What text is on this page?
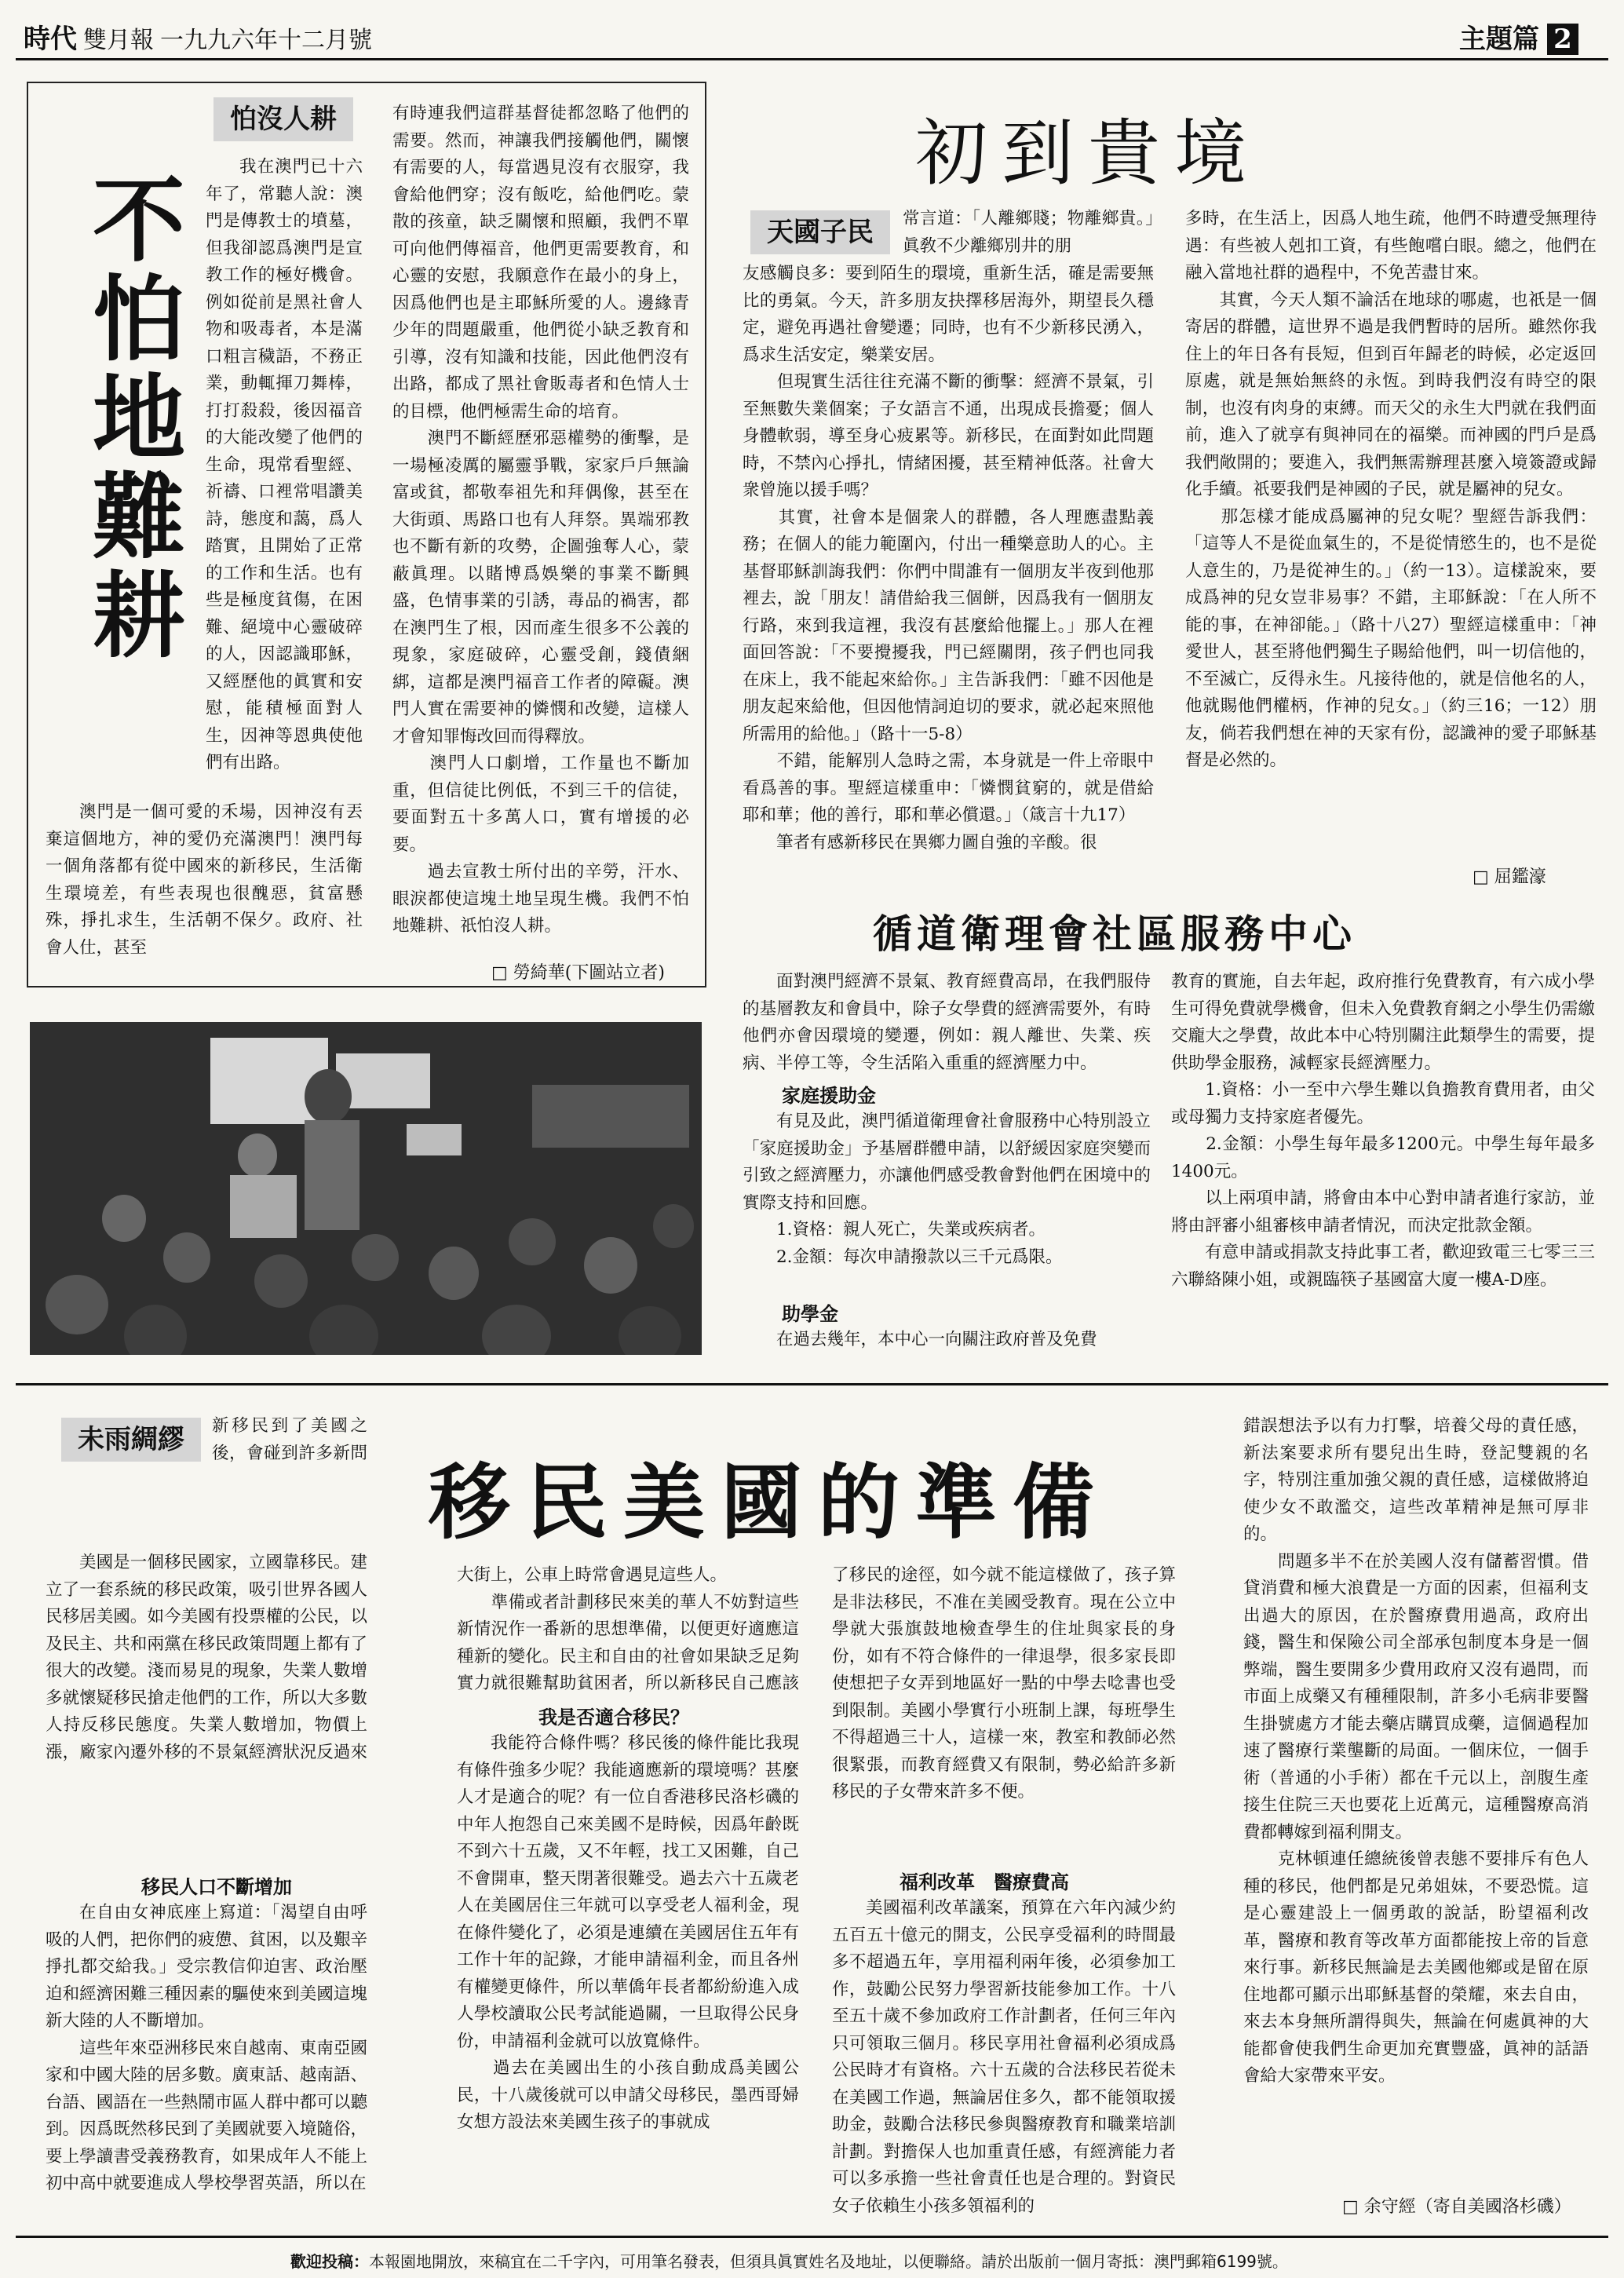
時代 雙月報 一九九六年十二月號	主題篇 2
怕沒人耕
不怕地難耕

我在澳門已十六年了，常聽人說：澳門是傳教士的墳墓，但我卻認爲澳門是宣教工作的極好機會。例如從前是黑社會人物和吸毒者，本是滿口粗言穢語，不務正業，動輒揮刀舞棒，打打殺殺，後因福音的大能改變了他們的生命，現常看聖經、祈禱、口裡常唱讚美詩，態度和藹，爲人踏實，且開始了正常的工作和生活。也有些是極度貧傷，在困難、絕境中心靈破碎的人，因認識耶穌，又經歷他的眞實和安慰，能積極面對人生，因神等恩典使他們有出路。

澳門是一個可愛的禾場，因神沒有丟棄這個地方，神的愛仍充滿澳門！澳門每一個角落都有從中國來的新移民，生活衛生環境差，有些表現也很醜惡，貧富懸殊，掙扎求生，生活朝不保夕。政府、社會人仕，甚至

有時連我們這群基督徒都忽略了他們的需要。然而，神讓我們接觸他們，關懷有需要的人，每當遇見沒有衣服穿，我會給他們穿；沒有飯吃，給他們吃。蒙散的孩童，缺乏關懷和照顧，我們不單可向他們傳福音，他們更需要教育，和心靈的安慰，我願意作在最小的身上，因爲他們也是主耶穌所愛的人。邊緣青少年的問題嚴重，他們從小缺乏教育和引導，沒有知識和技能，因此他們沒有出路，都成了黑社會販毒者和色情人士的目標，他們極需生命的培育。
　　澳門不斷經歷邪惡權勢的衝擊，是一場極凌厲的屬靈爭戰，家家戶戶無論富或貧，都敬奉祖先和拜偶像，甚至在大街頭、馬路口也有人拜祭。異端邪教也不斷有新的攻勢，企圖強奪人心，蒙蔽眞理。以賭博爲娛樂的事業不斷興盛，色情事業的引誘，毒品的禍害，都在澳門生了根，因而產生很多不公義的現象，家庭破碎，心靈受創，錢債綑綁，這都是澳門福音工作者的障礙。澳門人實在需要神的憐憫和改變，這樣人才會知罪悔改回而得釋放。
　　澳門人口劇增，工作量也不斷加重，但信徒比例低，不到三千的信徒，要面對五十多萬人口，實有增援的必要。
　　過去宣教士所付出的辛勞，汗水、眼淚都使這塊土地呈現生機。我們不怕地難耕、祇怕沒人耕。

□ 勞綺華(下圖站立者)
初到貴境
天國子民	常言道：「人離鄉賤；物離鄉貴。」眞敎不少離鄉別井的朋

友感觸良多：要到陌生的環境，重新生活，確是需要無比的勇氣。今天，許多朋友抉擇移居海外，期望長久穩定，避免再遇社會變遷；同時，也有不少新移民湧入，爲求生活安定，樂業安居。
　　但現實生活往往充滿不斷的衝擊：經濟不景氣，引至無數失業個案；子女語言不通，出現成長擔憂；個人身體軟弱，導至身心疲累等。新移民，在面對如此問題時，不禁內心掙扎，情緒困擾，甚至精神低落。社會大衆曾施以援手嗎？
　　其實，社會本是個衆人的群體，各人理應盡點義務；在個人的能力範圍內，付出一種樂意助人的心。主基督耶穌訓誨我們：你們中間誰有一個朋友半夜到他那裡去，說「朋友！請借給我三個餅，因爲我有一個朋友行路，來到我這裡，我沒有甚麼給他擺上。」那人在裡面回答說：「不要攪擾我，門已經關閉，孩子們也同我在床上，我不能起來給你。」主告訴我們：「雖不因他是朋友起來給他，但因他情詞迫切的要求，就必起來照他所需用的給他。」（路十一5-8）
　　不錯，能解別人急時之需，本身就是一件上帝眼中看爲善的事。聖經這樣重申：「憐憫貧窮的，就是借給耶和華；他的善行，耶和華必償還。」（箴言十九17）
　　筆者有感新移民在異鄉力圖自強的辛酸。很

多時，在生活上，因爲人地生疏，他們不時遭受無理待遇：有些被人剋扣工資，有些飽嚐白眼。總之，他們在融入當地社群的過程中，不免苦盡甘來。
　　其實，今天人類不論活在地球的哪處，也祇是一個寄居的群體，這世界不過是我們暫時的居所。雖然你我住上的年日各有長短，但到百年歸老的時候，必定返回原處，就是無始無終的永恆。到時我們沒有時空的限制，也沒有肉身的束縛。而天父的永生大門就在我們面前，進入了就享有與神同在的福樂。而神國的門戶是爲我們敞開的；要進入，我們無需辦理甚麼入境簽證或歸化手續。祇要我們是神國的子民，就是屬神的兒女。
　　那怎樣才能成爲屬神的兒女呢？聖經告訴我們：「這等人不是從血氣生的，不是從情慾生的，也不是從人意生的，乃是從神生的。」（約一13）。這樣說來，要成爲神的兒女豈非易事？不錯，主耶穌說：「在人所不能的事，在神卻能。」（路十八27）聖經這樣重申：「神愛世人，甚至將他們獨生子賜給他們，叫一切信他的，不至滅亡，反得永生。凡接待他的，就是信他名的人，他就賜他們權柄，作神的兒女。」（約三16；一12）朋友，倘若我們想在神的天家有份，認識神的愛子耶穌基督是必然的。

□ 屈鑑濠
循道衛理會社區服務中心

面對澳門經濟不景氣、教育經費高昂，在我們服侍的基層教友和會員中，除子女學費的經濟需要外，有時他們亦會因環境的變遷，例如：親人離世、失業、疾病、半停工等，令生活陷入重重的經濟壓力中。

家庭援助金

有見及此，澳門循道衛理會社會服務中心特別設立「家庭援助金」予基層群體申請，以舒緩因家庭突變而引致之經濟壓力，亦讓他們感受教會對他們在困境中的實際支持和回應。
　　1.資格：親人死亡，失業或疾病者。
　　2.金額：每次申請撥款以三千元爲限。

助學金

在過去幾年，本中心一向關注政府普及免費

教育的實施，自去年起，政府推行免費教育，有六成小學生可得免費就學機會，但未入免費教育網之小學生仍需繳交龐大之學費，故此本中心特別關注此類學生的需要，提供助學金服務，減輕家長經濟壓力。
　　1.資格：小一至中六學生難以負擔教育費用者，由父或母獨力支持家庭者優先。
　　2.金額：小學生每年最多1200元。中學生每年最多1400元。
　　以上兩項申請，將會由本中心對申請者進行家訪，並將由評審小組審核申請者情況，而決定批款金額。
　　有意申請或捐款支持此事工者，歡迎致電三七零三三六聯絡陳小姐，或親臨筷子基國富大廈一樓A-D座。

未雨綢繆	新移民到了美國之後，會碰到許多新問

移民美國的準備

美國是一個移民國家，立國靠移民。建立了一套系統的移民政策，吸引世界各國人民移居美國。如今美國有投票權的公民，以及民主、共和兩黨在移民政策問題上都有了很大的改變。淺而易見的現象，失業人數增多就懷疑移民搶走他們的工作，所以大多數人持反移民態度。失業人數增加，物價上漲，廠家內遷外移的不景氣經濟狀況反過來

移民人口不斷增加

在自由女神底座上寫道：「渴望自由呼吸的人們，把你們的疲憊、貧困，以及艱辛掙扎都交給我。」受宗教信仰迫害、政治壓迫和經濟困難三種因素的驅使來到美國這塊新大陸的人不斷增加。
　　這些年來亞洲移民來自越南、東南亞國家和中國大陸的居多數。廣東話、越南語、台語、國語在一些熱鬧市區人群中都可以聽到。因爲既然移民到了美國就要入境隨俗，要上學讀書受義務教育，如果成年人不能上初中高中就要進成人學校學習英語，所以在

大街上，公車上時常會遇見這些人。
　　準備或者計劃移民來美的華人不妨對這些新情況作一番新的思想準備，以便更好適應這種新的變化。民主和自由的社會如果缺乏足夠實力就很難幫助貧困者，所以新移民自己應該

我是否適合移民？

我能符合條件嗎？移民後的條件能比我現有條件強多少呢？我能適應新的環境嗎？甚麼人才是適合的呢？有一位自香港移民洛杉磯的中年人抱怨自己來美國不是時候，因爲年齡既不到六十五歲，又不年輕，找工又困難，自己不會開車，整天閉著很難受。過去六十五歲老人在美國居住三年就可以享受老人福利金，現在條件變化了，必須是連續在美國居住五年有工作十年的記錄，才能申請福利金，而且各州有權變更條件，所以華僑年長者都紛紛進入成人學校讀取公民考試能過關，一旦取得公民身份，申請福利金就可以放寬條件。
　　過去在美國出生的小孩自動成爲美國公民，十八歲後就可以申請父母移民，墨西哥婦女想方設法來美國生孩子的事就成

了移民的途徑，如今就不能這樣做了，孩子算是非法移民，不准在美國受教育。現在公立中學就大張旗鼓地檢查學生的住址與家長的身份，如有不符合條件的一律退學，很多家長即使想把子女弄到地區好一點的中學去唸書也受到限制。美國小學實行小班制上課，每班學生不得超過三十人，這樣一來，教室和教師必然很緊張，而教育經費又有限制，勢必給許多新移民的子女帶來許多不便。

福利改革　醫療費高

美國福利改革議案，預算在六年內減少約五百五十億元的開支，公民享受福利的時間最多不超過五年，享用福利兩年後，必須參加工作，鼓勵公民努力學習新技能參加工作。十八至五十歲不參加政府工作計劃者，任何三年內只可領取三個月。移民享用社會福利必須成爲公民時才有資格。六十五歲的合法移民若從未在美國工作過，無論居住多久，都不能領取援助金，鼓勵合法移民參與醫療教育和職業培訓計劃。對擔保人也加重責任感，有經濟能力者可以多承擔一些社會責任也是合理的。對資民女子依賴生小孩多領福利的

錯誤想法予以有力打擊，培養父母的責任感，新法案要求所有嬰兒出生時，登記雙親的名字，特別注重加強父親的責任感，這樣做將迫使少女不敢濫交，這些改革精神是無可厚非的。
　　問題多半不在於美國人沒有儲蓄習慣。借貸消費和極大浪費是一方面的因素，但福利支出過大的原因，在於醫療費用過高，政府出錢，醫生和保險公司全部承包制度本身是一個弊端，醫生要開多少費用政府又沒有過問，而市面上成藥又有種種限制，許多小毛病非要醫生掛號處方才能去藥店購買成藥，這個過程加速了醫療行業壟斷的局面。一個床位，一個手術（普通的小手術）都在千元以上，剖腹生產接生住院三天也要花上近萬元，這種醫療高消費都轉嫁到福利開支。
　　克林頓連任總統後曾表態不要排斥有色人種的移民，他們都是兄弟姐妹，不要恐慌。這是心靈建設上一個勇敢的說話，盼望福利改革，醫療和教育等改革方面都能按上帝的旨意來行事。新移民無論是去美國他鄉或是留在原住地都可顯示出耶穌基督的榮耀，來去自由，來去本身無所謂得與失，無論在何處眞神的大能都會使我們生命更加充實豐盛，眞神的話語會給大家帶來平安。

□ 余守經（寄自美國洛杉磯）
歡迎投稿：本報園地開放，來稿宜在二千字內，可用筆名發表，但須具眞實姓名及地址，以便聯絡。請於出版前一個月寄抵：澳門郵箱6199號。
